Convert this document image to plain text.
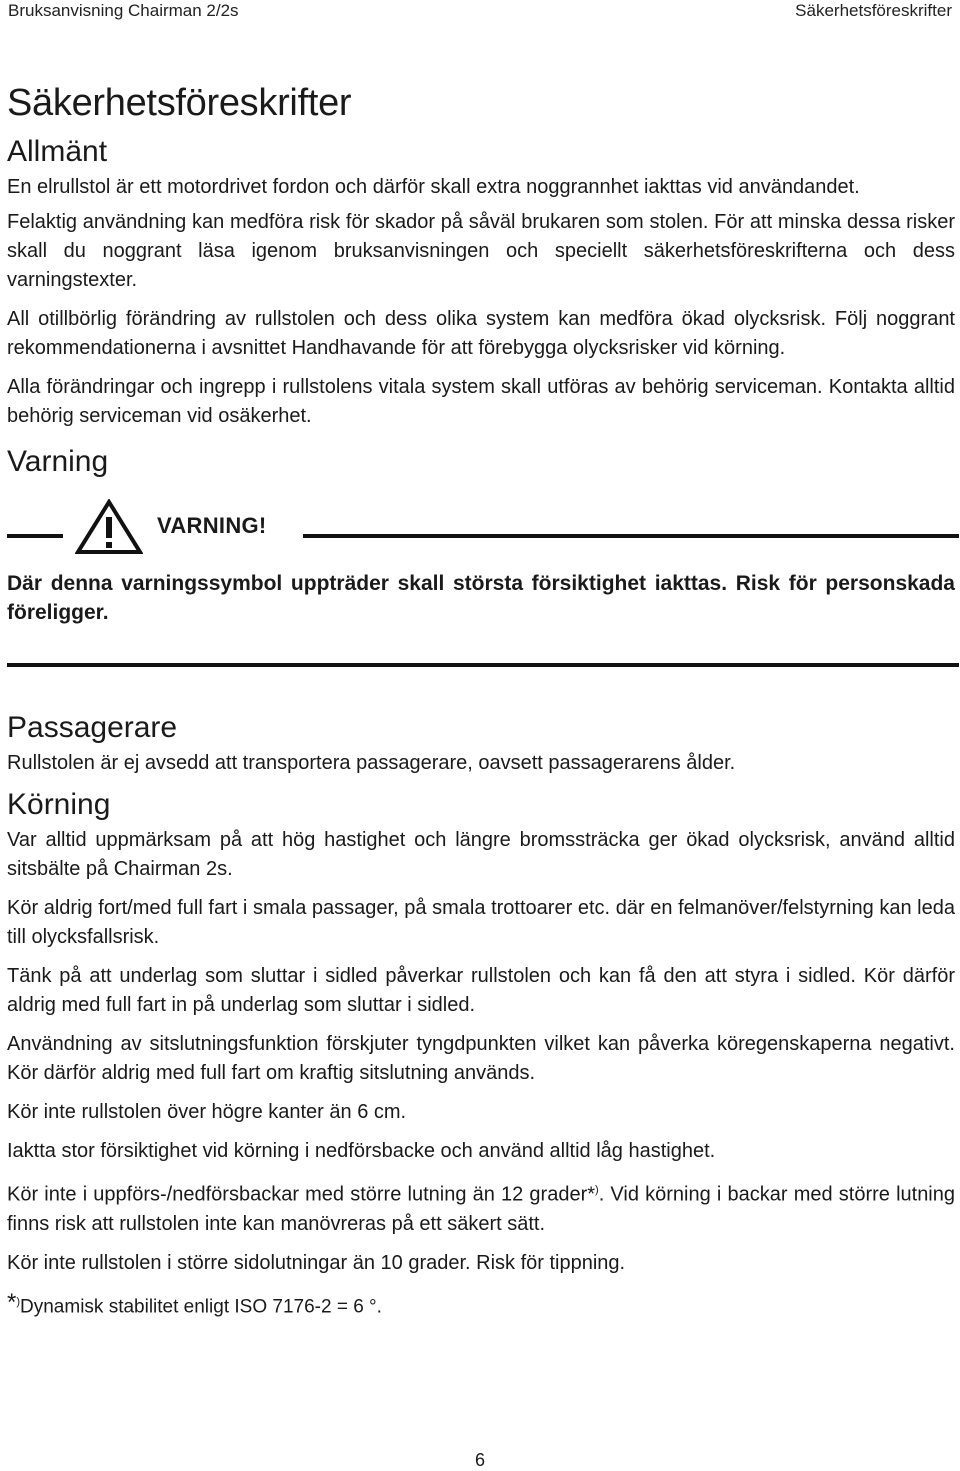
Bruksanvisning Chairman 2/2s	Säkerhetsföreskrifter
Säkerhetsföreskrifter
Allmänt

En elrullstol är ett motordrivet fordon och därför skall extra noggrannhet iakttas vid användandet.

Felaktig användning kan medföra risk för skador på såväl brukaren som stolen. För att minska dessa risker skall du noggrant läsa igenom bruksanvisningen och speciellt säkerhetsföreskrifterna och dess varningstexter.

All otillbörlig förändring av rullstolen och dess olika system kan medföra ökad olycksrisk. Följ noggrant rekommendationerna i avsnittet Handhavande för att förebygga olycksrisker vid körning.

Alla förändringar och ingrepp i rullstolens vitala system skall utföras av behörig serviceman. Kontakta alltid behörig serviceman vid osäkerhet.

Varning
VARNING!

Där denna varningssymbol uppträder skall största försiktighet iakttas. Risk för personskada föreligger.

Passagerare

Rullstolen är ej avsedd att transportera passagerare, oavsett passagerarens ålder.

Körning

Var alltid uppmärksam på att hög hastighet och längre bromssträcka ger ökad olycksrisk, använd alltid sitsbälte på Chairman 2s.

Kör aldrig fort/med full fart i smala passager, på smala trottoarer etc. där en felmanöver/felstyrning kan leda till olycksfallsrisk.

Tänk på att underlag som sluttar i sidled påverkar rullstolen och kan få den att styra i sidled. Kör därför aldrig med full fart in på underlag som sluttar i sidled.

Användning av sitslutningsfunktion förskjuter tyngdpunkten vilket kan påverka köregenskaperna negativt. Kör därför aldrig med full fart om kraftig sitslutning används.

Kör inte rullstolen över högre kanter än 6 cm.

Iaktta stor försiktighet vid körning i nedförsbacke och använd alltid låg hastighet.

Kör inte i uppförs-/nedförsbackar med större lutning än 12 grader*). Vid körning i backar med större lutning finns risk att rullstolen inte kan manövreras på ett säkert sätt.

Kör inte rullstolen i större sidolutningar än 10 grader. Risk för tippning.

*)Dynamisk stabilitet enligt ISO 7176-2 = 6 °.

6
